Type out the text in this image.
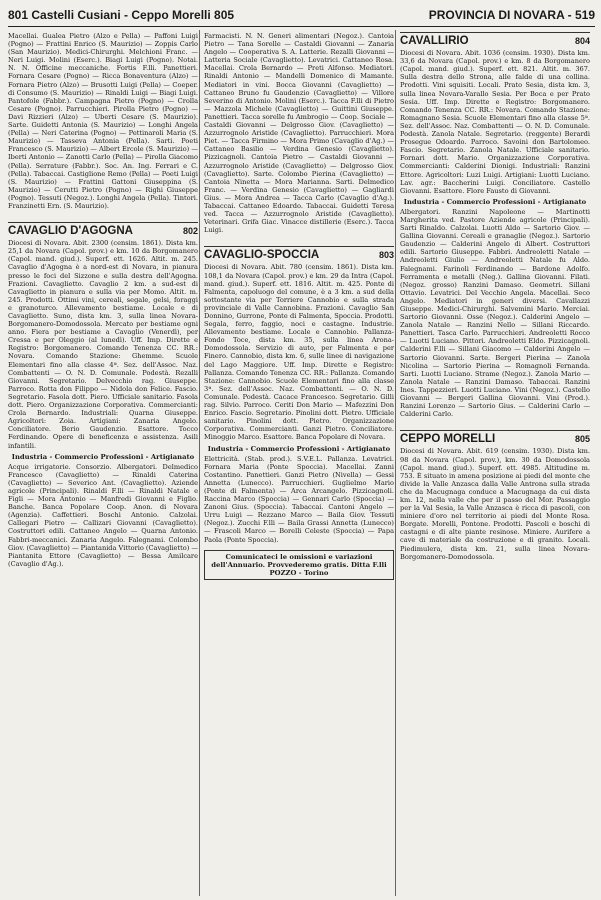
801 Castelli Cusiani - Ceppo Morelli 805	PROVINCIA DI NOVARA - 519

Macellai. Gualea Pietro (Alzo e Pella) — Paffoni Luigi (Pogno) — Frattini Enrico (S. Maurizio) — Zoppis Carlo (San Maurizio). Medici-Chirurghi. Melchioni Franc. — Neri Luigi. Molini (Eserc.). Biagi Luigi (Pogno). Notai. N. N. Officine meccaniche. Fortis F.lli. Panettieri. Fornara Cesare (Pogno) — Ricca Bonaventura (Alzo) — Fornara Pietro (Alzo) — Brusotti Luigi (Pella) — Coeper. di Consumo (S. Maurizio) — Rinaldi Luigi — Biagi Luigi. Pantofole (Fabbr.). Campagna Pietro (Pogno) — Crolla Cesare (Pogno). Parrucchieri. Pirolla Pietro (Pogno) — Davi Rizzieri (Alzo) — Uberti Cesare (S. Maurizio). Sarte. Guidetti Antonia (S. Maurizio) — Longhi Angela (Pella) — Neri Caterina (Pogno) — Pettinaroli Maria (S. Maurizio) — Tasseva Antonia (Pella). Sarti. Poeti Francesco (S. Maurizio) — Albert Ercole (S. Maurizio) — Iberti Antonio — Zanotti Carlo (Pella) — Pirolla Giacomo (Pella). Serrature (Fabbr.). Soc. An. Ing. Ferrari e C. (Pella). Tabaccai. Castiglione Remo (Pella) — Poeti Luigi (S. Maurizio) — Frattini Gattoni Giuseppina (S. Maurizio) — Cerutti Pietro (Pogno) — Righi Giuseppe (Pogno). Tessuti (Negoz.). Longhi Angela (Pella). Tintori. Franzinetti Ern. (S. Maurizio).

CAVAGLIO D'AGOGNA	802

Diocesi di Novara. Abit. 2300 (censim. 1861). Dista km. 25,1 da Novara (Capol. prov.) e km. 10 da Borgomanero (Capol. mand. giud.). Superf. ett. 1626. Altit. m. 245. Cavaglio d'Agogna è a nord-est di Novara, in pianura presso le foci del Sizzone e sulla destra dell'Agogna. Frazioni. Cavaglietto. Cavaglio 2 km. a sud-est di Cavaglietto in pianura e sulla via per Momo. Altit. m. 245. Prodotti. Ottimi vini, cereali, segale, gelsi, foraggi e granoturco. Allevamento bestiame. Locale e di Cavaglietto. Suno, dista km. 3, sulla linea Novara-Borgomanero-Domodossola. Mercato per bestiame ogni anno. Fiera per bestiame a Cavaglio (Venerdì), per Cressa e per Oleggio (al lunedì). Uff. Imp. Dirette e Registro: Borgomanero. Comando Tenenza CC. RR.: Novara. Comando Stazione: Ghemme. Scuole Elementari fino alla classe 4ª. Sez. dell'Assoc. Naz. Combattenti — O. N. D. Comunale. Podestà. Rezalli Giovanni. Segretario. Delvecchio rag. Giuseppe. Parroco. Rotta don Filippo — Nidola don Felice. Fascio. Segretario. Fasola dott. Piero. Ufficiale sanitario. Fasola dott. Piero. Organizzazione Corporativa. Commercianti: Crola Bernardo. Industriali: Quarna Giuseppe. Agricoltori: Zoia. Artigiani: Zanaria Angelo. Conciliatore. Berio Gaudenzio. Esattore. Tocco Ferdinando. Opere di beneficenza e assistenza. Asili infantili.

Industria - Commercio Professioni - Artigianato

Acque irrigatorie. Consorzio. Albergatori. Delmedico Francesco (Cavaglietto) — Rinaldi Caterina (Cavaglietto) — Severico Ant. (Cavaglietto). Aziende agricole (Principali). Rinaldi F.lli — Rinaldi Natale e Figli — Mora Antonio — Manfredi Giovanni e Figlio. Banche. Banca Popolare Coop. Anon. di Novara (Agenzia). Caffettieri. Boschi Antonio. Calzolai. Callegari Pietro — Callizari Giovanni (Cavaglietto). Costruttori edili. Cattaneo Angelo — Quarna Antonio. Fabbri-meccanici. Zanaria Angelo. Falegnami. Colombo Giov. (Cavaglietto) — Piantanida Vittorio (Cavaglietto) — Piantanita Ettore (Cavaglietto) — Bessa Amilcare (Cavaglio d'Ag.).

Farmacisti. N. N. Generi alimentari (Negoz.). Cantoia Pietro — Tana Sorelle — Castaldi Giovanni — Zanaria Angelo — Cooperativa S. A. Latterie. Rezalli Giovanni — Latteria Sociale (Cavaglietto). Levatrici. Cattaneo Rosa. Macellai. Crola Bernardo — Preti Alfonso. Mediatori. Rinaldi Antonio — Mandelli Domenico di Mamante. Mediatori in vini. Bocca Giovanni (Cavaglietto) — Cattaneo Bruno fu Gaudenzio (Cavaglietto) — Villore Severino di Antonio. Molini (Eserc.). Tacca F.lli di Pietro — Mazzola Michele (Cavaglietto) — Guittini Giuseppe. Panettieri. Tacca sorelle fu Ambrogio — Coop. Sociale — Castaldi Giovanni — Delgrosso Giov. (Cavaglietto) — Azzurrognolo Aristide (Cavaglietto). Parrucchieri. Mora Piet. — Tacca Firmino — Mora Primo (Cavaglio d'Ag.) — Cattaneo Basilio — Verdina Genesio (Cavaglietto). Pizzicagnoli. Cantoia Pietro — Castaldi Giovanni — Azzurrognolo Aristide (Cavaglietto) — Delgrosso Giov. (Cavaglietto). Sarte. Colombo Pierina (Cavaglietto) — Cantoia Ninetta — Mora Marianna. Sarti. Delmedico Franc. — Verdina Genesio (Cavaglietto) — Gagliardi Gius. — Mora Andrea — Tacca Carlo (Cavaglio d'Ag.). Tabaccai. Cattaneo Edoardo. Tabaccai. Guidetti Teresa ved. Tacca — Azzurrognolo Aristide (Cavaglietto). Veterinari. Grifa Giac. Vinacce distillerie (Eserc.). Tacca Luigi.

CAVAGLIO-SPOCCIA	803

Diocesi di Novara. Abit. 780 (censim. 1861). Dista km. 108,1 da Novara (Capol. prov.) e km. 29 da Intra (Capol. mand. giud.). Superf. ett. 1816. Altit. m. 425. Ponte di Falmenta, capoluogo del comune, è a 3 km. a sud della sottostante via per Torriere Cannobio e sulla strada provinciale di Valle Cannobina. Frazioni. Cavaglio San Donnino, Gurrone, Ponte di Falmenta, Spoccia. Prodotti. Segala, ferro, faggio, noci e castagne. Industrie. Allevamento bestiame. Locale e Cannobio. Pallanza-Fondo Toce, dista km. 35, sulla linea Arona-Domodossola. Servizio di auto, per Falmenta e per Finero. Cannobio, dista km. 6, sulle linee di navigazione del Lago Maggiore. Uff. Imp. Dirette e Registro: Pallanza. Comando Tenenza CC. RR.: Pallanza. Comando Stazione: Cannobio. Scuole Elementari fino alla classe 3ª. Sez. dell'Assoc. Naz. Combattenti. — O. N. D. Comunale. Podestà. Cacace Francesco. Segretario. Gilli rag. Silvio. Parroco. Ceriti Don Mario — Mafezzini Don Enrico. Fascio. Segretario. Pinolini dott. Pietro. Ufficiale sanitario. Pinolini dott. Pietro. Organizzazione Corporativa. Commercianti. Ganzi Pietro. Conciliatore. Minoggio Marco. Esattore. Banca Popolare di Novara.

Industria - Commercio Professioni - Artigianato

Elettricità. (Stab. prod.). S.V.E.L. Pallanza. Levatrici. Fornara Maria (Ponte Spoccia). Macellai. Zanni Costantino. Panettieri. Ganzi Pietro (Nivella) — Gessi Annetta (Lunecco). Parrucchieri. Guglielmo Mario (Ponte di Falmenta) — Arca Arcangelo. Pizzicagnoli. Raccina Marco (Spoccia) — Gennari Carlo (Spoccia) — Zanoni Gius. (Spoccia). Tabaccai. Cantoni Angelo — Urru Luigi — Rezzano Marco — Baila Giov. Tessuti (Negoz.). Zucchi F.lli — Baila Grassi Annetta (Lunecco) — Frascoli Marco — Borelli Celeste (Spoccia) — Papa Paola (Ponte Spoccia).

Comunicateci le omissioni e variazioni dell'Annuario. Provvederemo gratis. Ditta F.lli POZZO - Torino
CAVALLIRIO	804

Diocesi di Novara. Abit. 1036 (censim. 1930). Dista km. 33,6 da Novara (Capol. prov.) e km. 8 da Borgomanero (Capol. mand. giud.). Superf. ett. 821. Altit. m. 367. Sulla destra dello Strona, alle falde di una collina. Prodotti. Vini squisiti. Locali. Prato Sesia, dista km. 3, sulla linea Novara-Varallo Sesia. Per Boca e per Prato Sesia. Uff. Imp. Dirette e Registro: Borgomanero. Comando Tenenza CC. RR.: Novara. Comando Stazione: Romagnano Sesia. Scuole Elementari fino alla classe 5ª. Sez. dell'Assoc. Naz. Combattenti — O. N. D. Comunale. Podestà. Zanola Natale. Segretario. (reggente) Berardi Prosegue Odoardo. Parroco. Savoini don Bartolomeo. Fascio. Segretario. Zanola Natale. Ufficiale sanitario. Fornari dott. Mario. Organizzazione Corporativa. Commercianti: Calderini Dionigi. Industriali: Ranzini Ettore. Agricoltori: Luzi Luigi. Artigiani: Luotti Luciano. Lav. agr.: Baccherini Luigi. Conciliatore. Castello Giovanni. Esattore. Flore Fausto di Giovanni.

Industria - Commercio Professioni - Artigianato

Albergatori. Ranzini Napoleone — Martinotti Margherita ved. Pastore Aziende agricole (Principali). Sarti Rinaldo. Calzolai. Luotti Aldo — Sartorio Giov. — Gallina Giovanni. Cereali e granaglie (Negoz.). Sartorio Gaudenzio — Calderini Angelo di Albert. Costruttori edili. Sartorio Giuseppe. Fabbri. Andreoletti Natale — Andreoletti Giulio — Andreoletti Natale fu Aldo. Falegnami. Farinoli Ferdinando — Bardone Adolfo. Ferramenta e metalli (Neg.). Gallina Giovanni. Filati. (Negoz. grosso) Ranzini Damaso. Geometri. Sillani Ottavio. Levatrici. Del Vecchio Angela. Macellai. Seco Angelo. Mediatori in generi diversi. Cavallazzi Giuseppe. Medici-Chirurghi. Salvemini Mario. Merciai. Sartorio Giovanni. Osse (Negoz.). Calderini Angelo — Zanola Natale — Ranzini Nello — Sillani Riccardo. Panettieri. Tasca Carlo. Parrucchieri. Andreoletti Rocco — Luotti Luciano. Pittori. Andreoletti Eldo. Pizzicagnoli. Calderini F.lli — Sillani Giacomo — Calderini Angelo — Sartorio Giovanni. Sarte. Bergeri Pierina — Zanola Nicolina — Sartorio Pierina — Romagnoli Fernanda. Sarti. Luotti Luciano. Strame (Negoz.). Zanola Mario — Zanola Natale — Ranzini Damaso. Tabaccai. Ranzini Ines. Tappezzieri. Luotti Luciano. Vini (Negoz.). Castello Giovanni — Bergeri Gallina Giovanni. Vini (Prod.). Ranzini Lorenzo — Sartorio Gius. — Calderini Carlo — Calderini Carlo.

CEPPO MORELLI	805

Diocesi di Novara. Abit. 619 (censim. 1930). Dista km. 98 da Novara (Capol. prov.), km. 30 da Domodossola (Capol. mand. giud.). Superf. ett. 4985. Altitudine m. 753. È situato in amena posizione ai piedi del monte che divide la Valle Anzasca dalla Valle Antrona sulla strada che da Macugnaga conduce a Macugnaga da cui dista km. 12, nella valle che per il passo del Mor. Passaggio per la Val Sesia, la Valle Anzasca è ricca di pascoli, con miniere d'oro nel territorio ai piedi del Monte Rosa. Borgate. Morelli, Pontone. Prodotti. Pascoli e boschi di castagni e di alte piante resinose. Miniere. Aurifere a cave di materiale da costruzione e di granito. Locali. Piedimulera, dista km. 21, sulla linea Novara-Borgomanero-Domodossola.
